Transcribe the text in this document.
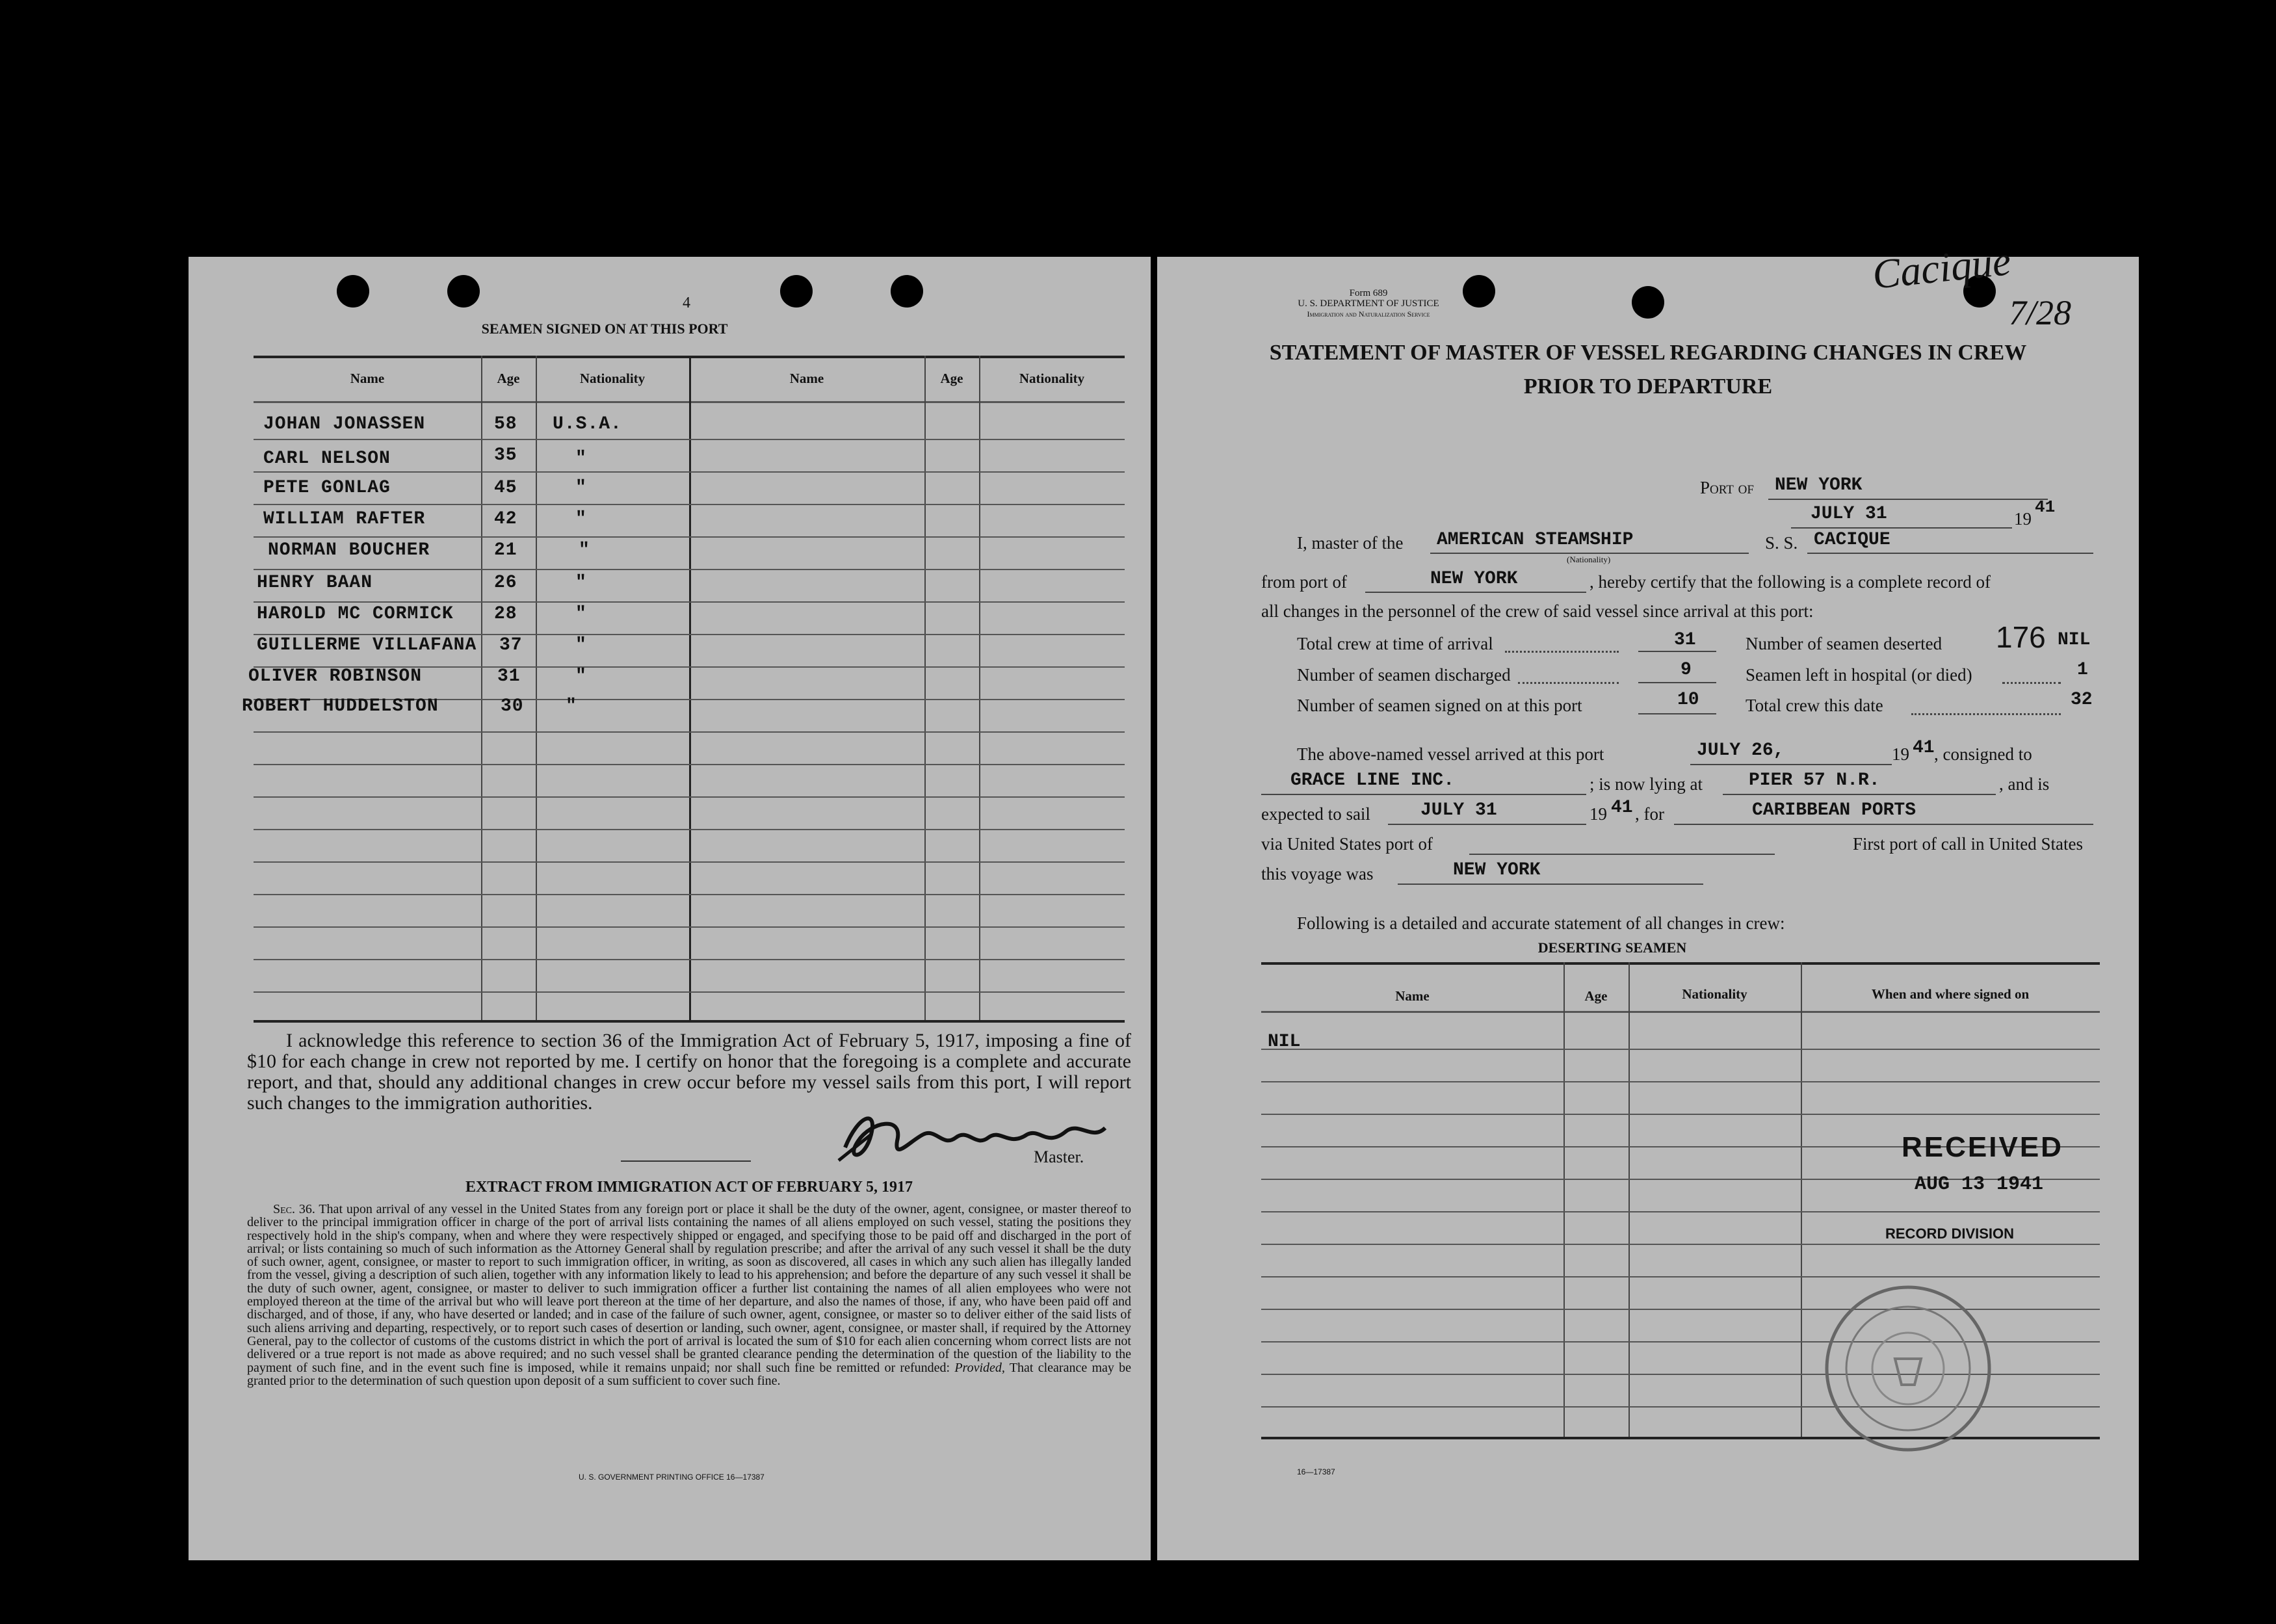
4
SEAMEN SIGNED ON AT THIS PORT
Name	Age	Nationality	Name	Age	Nationality
JOHAN JONASSEN	58 U.S.A.
CARL NELSON	35	"
PETE GONLAG	45	"
WILLIAM RAFTER	42	"
NORMAN BOUCHER	21	"
HENRY BAAN	26	"
HAROLD MC CORMICK 28	"
GUILLERME VILLAFANA 37	"
OLIVER ROBINSON	31	"
ROBERT HUDDELSTON	30 "
I acknowledge this reference to section 36 of the Immigration Act of February 5, 1917, imposing a fine of $10 for each change in crew not reported by me. I certify on honor that the foregoing is a complete and accurate report, and that, should any additional changes in crew occur before my vessel sails from this port, I will report such changes to the immigration authorities.
Master.
EXTRACT FROM IMMIGRATION ACT OF FEBRUARY 5, 1917
Sec. 36. That upon arrival of any vessel in the United States from any foreign port or place it shall be the duty of the owner, agent, consignee, or master thereof to deliver to the principal immigration officer in charge of the port of arrival lists containing the names of all aliens employed on such vessel, stating the positions they respectively hold in the ship's company, when and where they were respectively shipped or engaged, and specifying those to be paid off and discharged in the port of arrival; or lists containing so much of such information as the Attorney General shall by regulation prescribe; and after the arrival of any such vessel it shall be the duty of such owner, agent, consignee, or master to report to such immigration officer, in writing, as soon as discovered, all cases in which any such alien has illegally landed from the vessel, giving a description of such alien, together with any information likely to lead to his apprehension; and before the departure of any such vessel it shall be the duty of such owner, agent, consignee, or master to deliver to such immigration officer a further list containing the names of all alien employees who were not employed thereon at the time of the arrival but who will leave port thereon at the time of her departure, and also the names of those, if any, who have been paid off and discharged, and of those, if any, who have deserted or landed; and in case of the failure of such owner, agent, consignee, or master so to deliver either of the said lists of such aliens arriving and departing, respectively, or to report such cases of desertion or landing, such owner, agent, consignee, or master shall, if required by the Attorney General, pay to the collector of customs of the customs district in which the port of arrival is located the sum of $10 for each alien concerning whom correct lists are not delivered or a true report is not made as above required; and no such vessel shall be granted clearance pending the determination of the question of the liability to the payment of such fine, and in the event such fine is imposed, while it remains unpaid; nor shall such fine be remitted or refunded: Provided, That clearance may be granted prior to the determination of such question upon deposit of a sum sufficient to cover such fine.
U. S. GOVERNMENT PRINTING OFFICE 16—17387
Cacique
7/28
Form 689
U. S. DEPARTMENT OF JUSTICE
Immigration and Naturalization Service
STATEMENT OF MASTER OF VESSEL REGARDING CHANGES IN CREW
PRIOR TO DEPARTURE
Port of NEW YORK
JULY 31	19
41
I, master of the AMERICAN STEAMSHIP
(Nationality)
S. S. CACIQUE
from port of	NEW YORK	, hereby certify that the following is a complete record of
all changes in the personnel of the crew of said vessel since arrival at this port:
Total crew at time of arrival	31	Number of seamen deserted 176 NIL
Number of seamen discharged	9	Seamen left in hospital (or died)	1
Number of seamen signed on at this port	10	Total crew this date	32
The above-named vessel arrived at this port	JULY 26,	19 41 , consigned to
GRACE LINE INC.	; is now lying at	PIER 57 N.R.	, and is
expected to sail	JULY 31	19 41 , for	CARIBBEAN PORTS
via United States port of	First port of call in United States
this voyage was	NEW YORK
Following is a detailed and accurate statement of all changes in crew:
DESERTING SEAMEN
Name	Age	Nationality	When and where signed on
NIL
RECEIVED
AUG 13 1941
RECORD DIVISION
16—17387
